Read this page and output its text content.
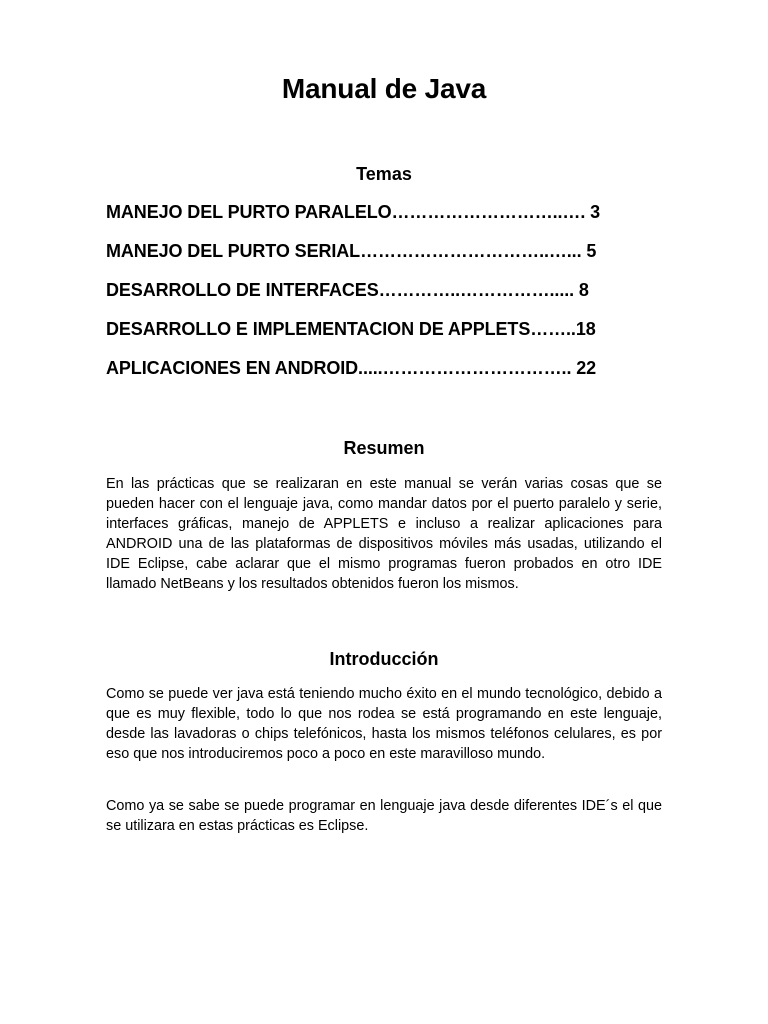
Manual de Java
Temas
MANEJO DEL PURTO PARALELO………………………..…. 3
MANEJO DEL PURTO SERIAL…………………………..…... 5
DESARROLLO DE INTERFACES…………..……………..... 8
DESARROLLO E IMPLEMENTACION DE APPLETS……..18
APLICACIONES EN ANDROID.....………………………….. 22
Resumen

En las prácticas que se realizaran en este manual se verán varias cosas que se pueden hacer con el lenguaje java, como mandar datos por el puerto paralelo y serie, interfaces gráficas, manejo de APPLETS e incluso a realizar aplicaciones para ANDROID una de las plataformas de dispositivos móviles más usadas, utilizando el IDE Eclipse, cabe aclarar que el mismo programas fueron probados en otro IDE llamado NetBeans y los resultados obtenidos fueron los mismos.

Introducción

Como se puede ver java está teniendo mucho éxito en el mundo tecnológico, debido a que es muy flexible, todo lo que nos rodea se está programando en este lenguaje, desde las lavadoras o chips telefónicos, hasta los mismos teléfonos celulares, es por eso que nos introduciremos poco a poco en este maravilloso mundo.

Como ya se sabe se puede programar en lenguaje java desde diferentes IDE´s el que se utilizara en estas prácticas es Eclipse.
